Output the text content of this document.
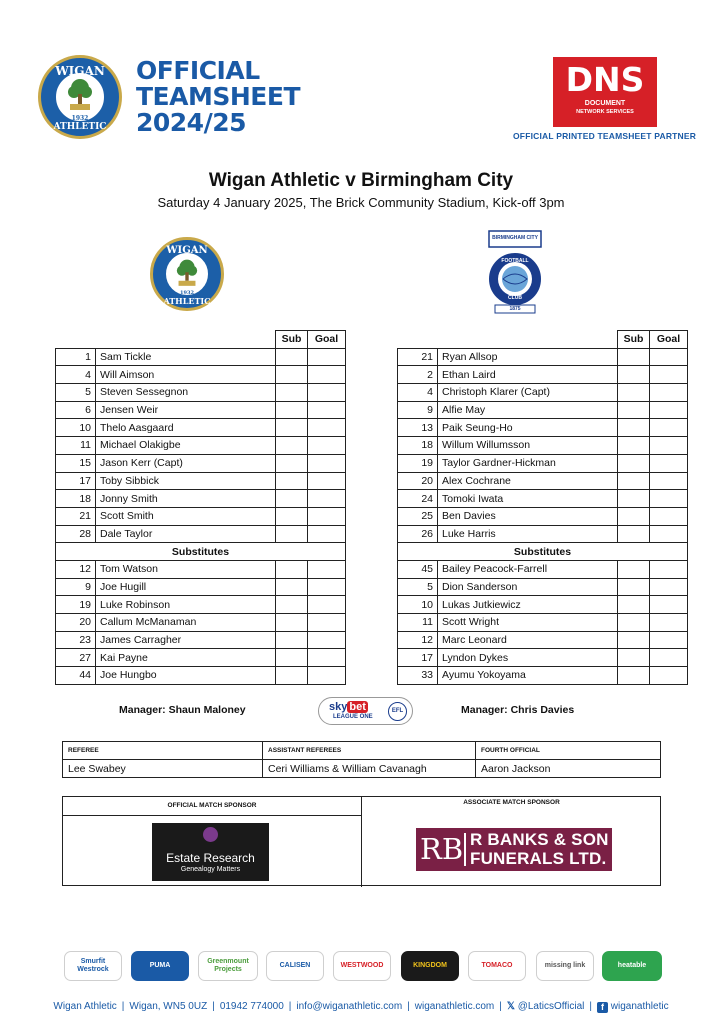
WIGAN
1932
ATHLETIC
OFFICIAL
TEAMSHEET
2024/25
DNS
DOCUMENT
NETWORK SERVICES
OFFICIAL PRINTED TEAMSHEET PARTNER
Wigan Athletic v Birmingham City
Saturday 4 January 2025, The Brick Community Stadium, Kick-off 3pm
WIGAN
1932
ATHLETIC
BIRMINGHAM CITY
FOOTBALL
CLUB
1875
		Sub	Goal
1	Sam Tickle		
4	Will Aimson		
5	Steven Sessegnon		
6	Jensen Weir		
10	Thelo Aasgaard		
11	Michael Olakigbe		
15	Jason Kerr (Capt)		
17	Toby Sibbick		
18	Jonny Smith		
21	Scott Smith		
28	Dale Taylor		
Substitutes			
12	Tom Watson		
9	Joe Hugill		
19	Luke Robinson		
20	Callum McManaman		
23	James Carragher		
27	Kai Payne		
44	Joe Hungbo		
		Sub	Goal
21	Ryan Allsop		
2	Ethan Laird		
4	Christoph Klarer (Capt)		
9	Alfie May		
13	Paik Seung-Ho		
18	Willum Willumsson		
19	Taylor Gardner-Hickman		
20	Alex Cochrane		
24	Tomoki Iwata		
25	Ben Davies		
26	Luke Harris		
Substitutes			
45	Bailey Peacock-Farrell		
5	Dion Sanderson		
10	Lukas Jutkiewicz		
11	Scott Wright		
12	Marc Leonard		
17	Lyndon Dykes		
33	Ayumu Yokoyama		
Manager: Shaun Maloney	Manager: Chris Davies
sky bet
LEAGUE ONE
EFL
REFEREE	ASSISTANT REFEREES	FOURTH OFFICIAL
Lee Swabey	Ceri Williams & William Cavanagh	Aaron Jackson
OFFICIAL MATCH SPONSOR	ASSOCIATE MATCH SPONSOR
Estate Research
Genealogy Matters
RB R BANKS & SON
FUNERALS LTD.
Smurfit Westrock
PUMA
Greenmount Projects
CALISEN	WESTWOOD	KINGDOM	TOMACO	missing link	heatable
Wigan Athletic | Wigan, WN5 0UZ | 01942 774000 | info@wiganathletic.com | wiganathletic.com | 𝕏 @LaticsOfficial | f wiganathletic
